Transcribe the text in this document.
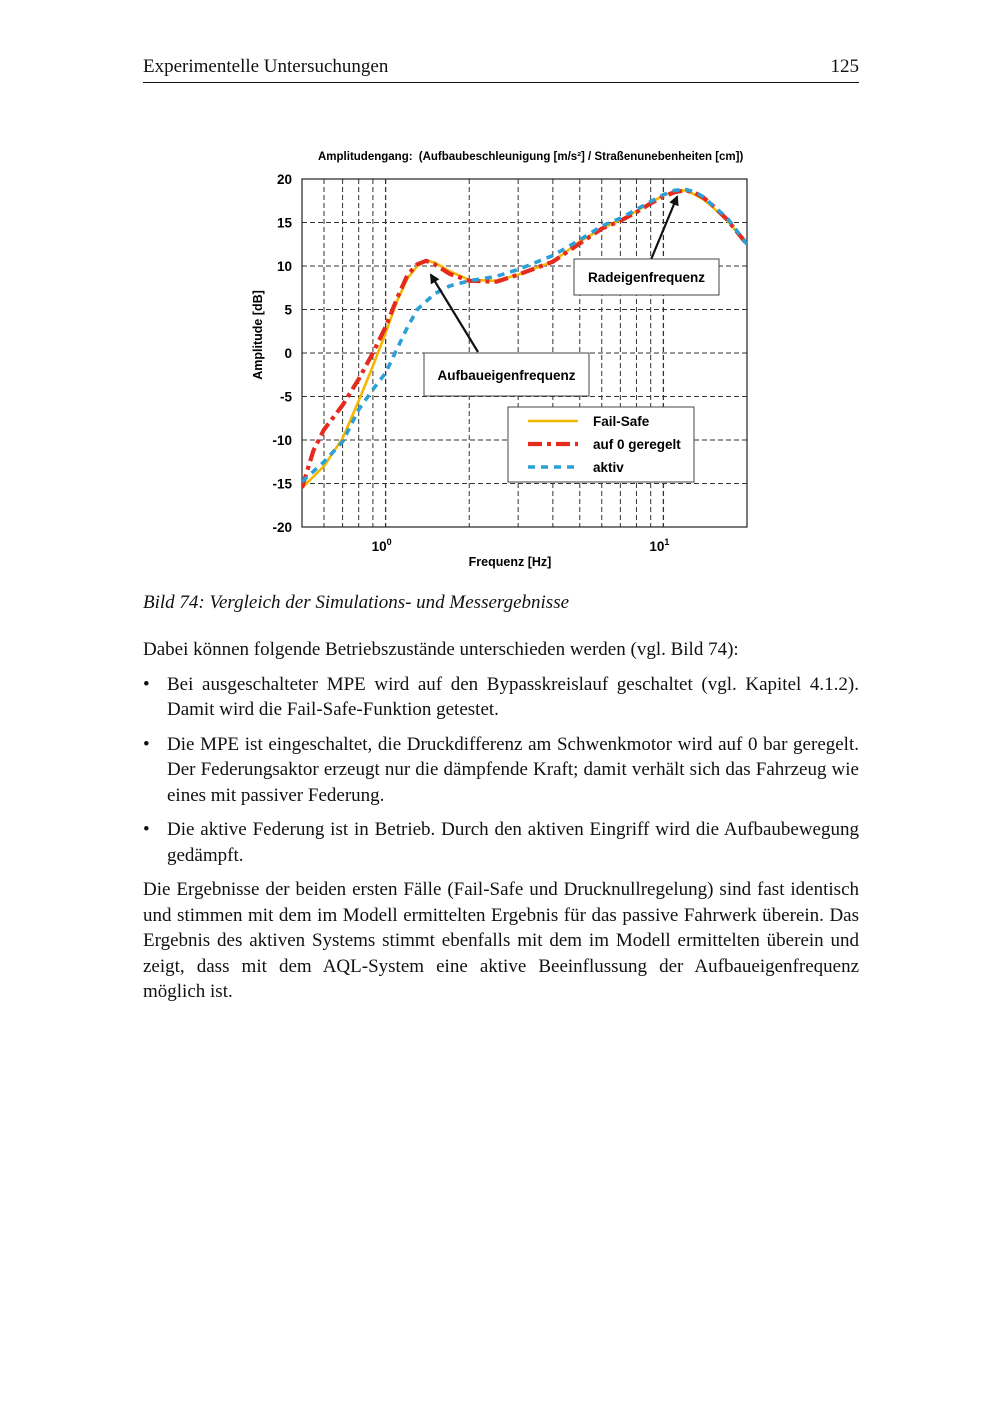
Experimentelle Untersuchungen	125
Amplitudengang: (Aufbaubeschleunigung [m/s²] / Straßenunebenheiten [cm])
20
15
10
5
0
-5
-10
-15
-20
$10^0$	$10^1$
Amplitude [dB]
Frequenz [Hz]
Aufbaueigenfrequenz
Radeigenfrequenz
Fail-Safe
auf 0 geregelt
aktiv
Bild 74: Vergleich der Simulations- und Messergebnisse

Dabei können folgende Betriebszustände unterschieden werden (vgl. Bild 74):

• Bei ausgeschalteter MPE wird auf den Bypasskreislauf geschaltet (vgl. Kapitel 4.1.2). Damit wird die Fail-Safe-Funktion getestet.
• Die MPE ist eingeschaltet, die Druckdifferenz am Schwenkmotor wird auf 0 bar geregelt. Der Federungsaktor erzeugt nur die dämpfende Kraft; damit verhält sich das Fahrzeug wie eines mit passiver Federung.
• Die aktive Federung ist in Betrieb. Durch den aktiven Eingriff wird die Aufbaubewegung gedämpft.

Die Ergebnisse der beiden ersten Fälle (Fail-Safe und Drucknullregelung) sind fast identisch und stimmen mit dem im Modell ermittelten Ergebnis für das passive Fahrwerk überein. Das Ergebnis des aktiven Systems stimmt ebenfalls mit dem im Modell ermittelten überein und zeigt, dass mit dem AQL-System eine aktive Beeinflussung der Aufbaueigenfrequenz möglich ist.
